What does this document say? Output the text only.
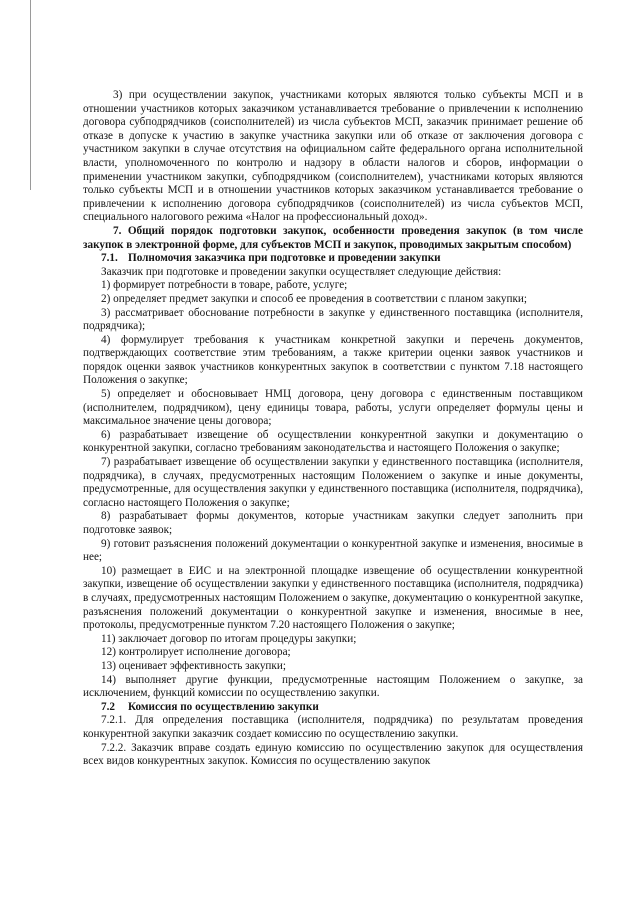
3) при осуществлении закупок, участниками которых являются только субъекты МСП и в отношении участников которых заказчиком устанавливается требование о привлечении к исполнению договора субподрядчиков (соисполнителей) из числа субъектов МСП, заказчик принимает решение об отказе в допуске к участию в закупке участника закупки или об отказе от заключения договора с участником закупки в случае отсутствия на официальном сайте федерального органа исполнительной власти, уполномоченного по контролю и надзору в области налогов и сборов, информации о применении участником закупки, субподрядчиком (соисполнителем), участниками которых являются только субъекты МСП и в отношении участников которых заказчиком устанавливается требование о привлечении к исполнению договора субподрядчиков (соисполнителей) из числа субъектов МСП, специального налогового режима «Налог на профессиональный доход».

7. Общий порядок подготовки закупок, особенности проведения закупок (в том числе закупок в электронной форме, для субъектов МСП и закупок, проводимых закрытым способом)

7.1. Полномочия заказчика при подготовке и проведении закупки

Заказчик при подготовке и проведении закупки осуществляет следующие действия:

1) формирует потребности в товаре, работе, услуге;

2) определяет предмет закупки и способ ее проведения в соответствии с планом закупки;

3) рассматривает обоснование потребности в закупке у единственного поставщика (исполнителя, подрядчика);

4) формулирует требования к участникам конкретной закупки и перечень документов, подтверждающих соответствие этим требованиям, а также критерии оценки заявок участников и порядок оценки заявок участников конкурентных закупок в соответствии с пунктом 7.18 настоящего Положения о закупке;

5) определяет и обосновывает НМЦ договора, цену договора с единственным поставщиком (исполнителем, подрядчиком), цену единицы товара, работы, услуги определяет формулы цены и максимальное значение цены договора;

6) разрабатывает извещение об осуществлении конкурентной закупки и документацию о конкурентной закупки, согласно требованиям законодательства и настоящего Положения о закупке;

7) разрабатывает извещение об осуществлении закупки у единственного поставщика (исполнителя, подрядчика), в случаях, предусмотренных настоящим Положением о закупке и иные документы, предусмотренные, для осуществления закупки у единственного поставщика (исполнителя, подрядчика), согласно настоящего Положения о закупке;

8) разрабатывает формы документов, которые участникам закупки следует заполнить при подготовке заявок;

9) готовит разъяснения положений документации о конкурентной закупке и изменения, вносимые в нее;

10) размещает в ЕИС и на электронной площадке извещение об осуществлении конкурентной закупки, извещение об осуществлении закупки у единственного поставщика (исполнителя, подрядчика) в случаях, предусмотренных настоящим Положением о закупке, документацию о конкурентной закупке, разъяснения положений документации о конкурентной закупке и изменения, вносимые в нее, протоколы, предусмотренные пунктом 7.20 настоящего Положения о закупке;

11) заключает договор по итогам процедуры закупки;

12) контролирует исполнение договора;

13) оценивает эффективность закупки;

14) выполняет другие функции, предусмотренные настоящим Положением о закупке, за исключением, функций комиссии по осуществлению закупки.

7.2 Комиссия по осуществлению закупки

7.2.1. Для определения поставщика (исполнителя, подрядчика) по результатам проведения конкурентной закупки заказчик создает комиссию по осуществлению закупки.

7.2.2. Заказчик вправе создать единую комиссию по осуществлению закупок для осуществления всех видов конкурентных закупок. Комиссия по осуществлению закупок
